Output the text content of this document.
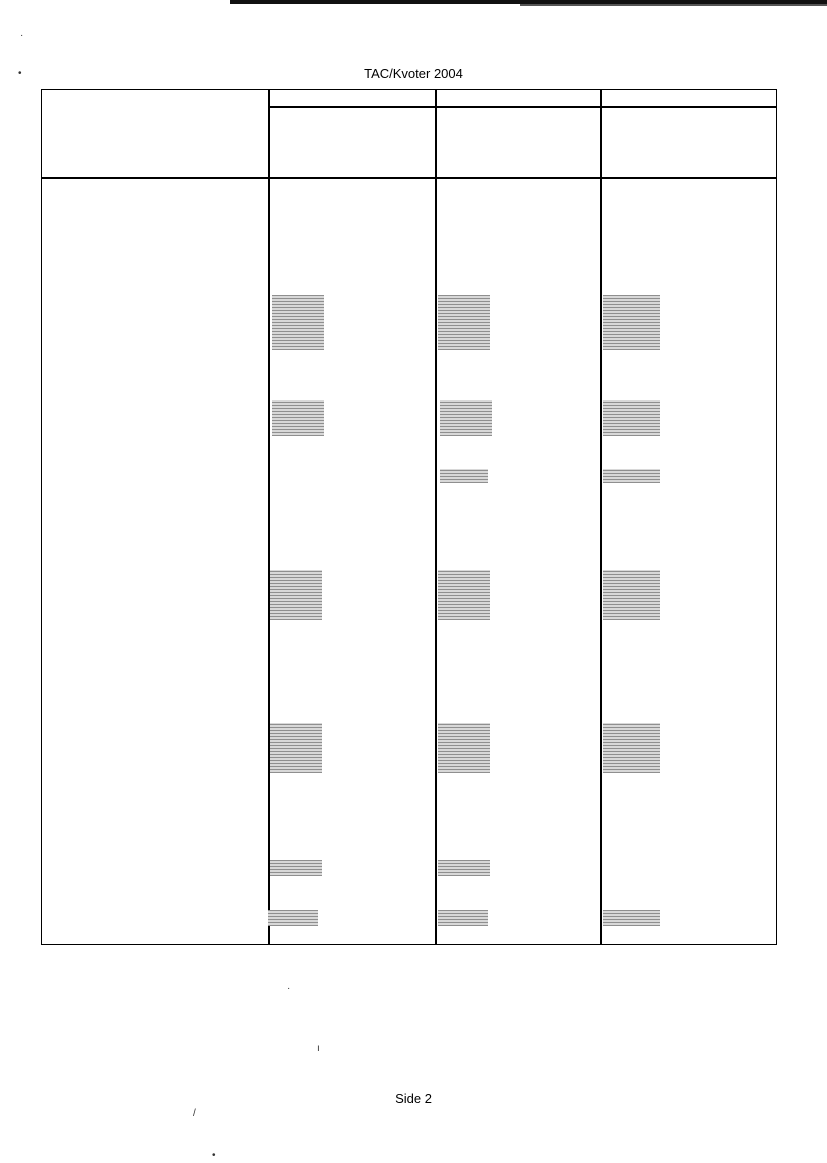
TAC/Kvoter 2004
Side 2
·
•
·
ı
/
•
